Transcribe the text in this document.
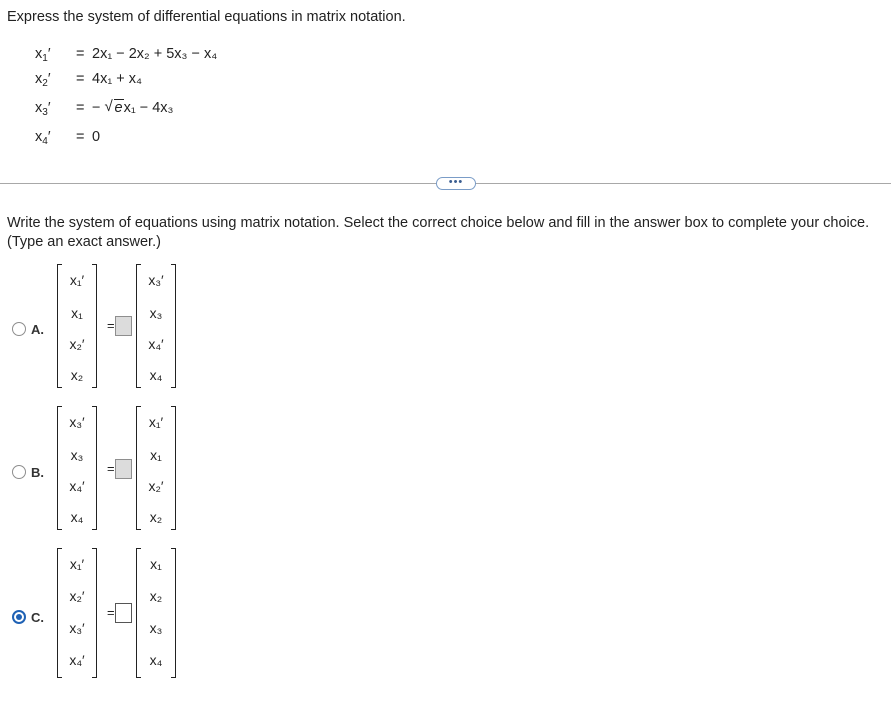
Express the system of differential equations in matrix notation.
$x_1'$	= 2x₁ − 2x₂ + 5x₃ − x₄
$x_2'$	= 4x₁ + x₄
$x_3'$	= − √ ex₁ − 4x₃
$x_4'$	= 0
•••
Write the system of equations using matrix notation. Select the correct choice below and fill in the answer box to complete your choice.
(Type an exact answer.)
A.
x₁′
x₁
x₂′
x₂
=
x₃′
x₃
x₄′
x₄
B.
x₃′
x₃
x₄′
x₄
=
x₁′
x₁
x₂′
x₂
C.
x₁′
x₂′
x₃′
x₄′
=
x₁
x₂
x₃
x₄
